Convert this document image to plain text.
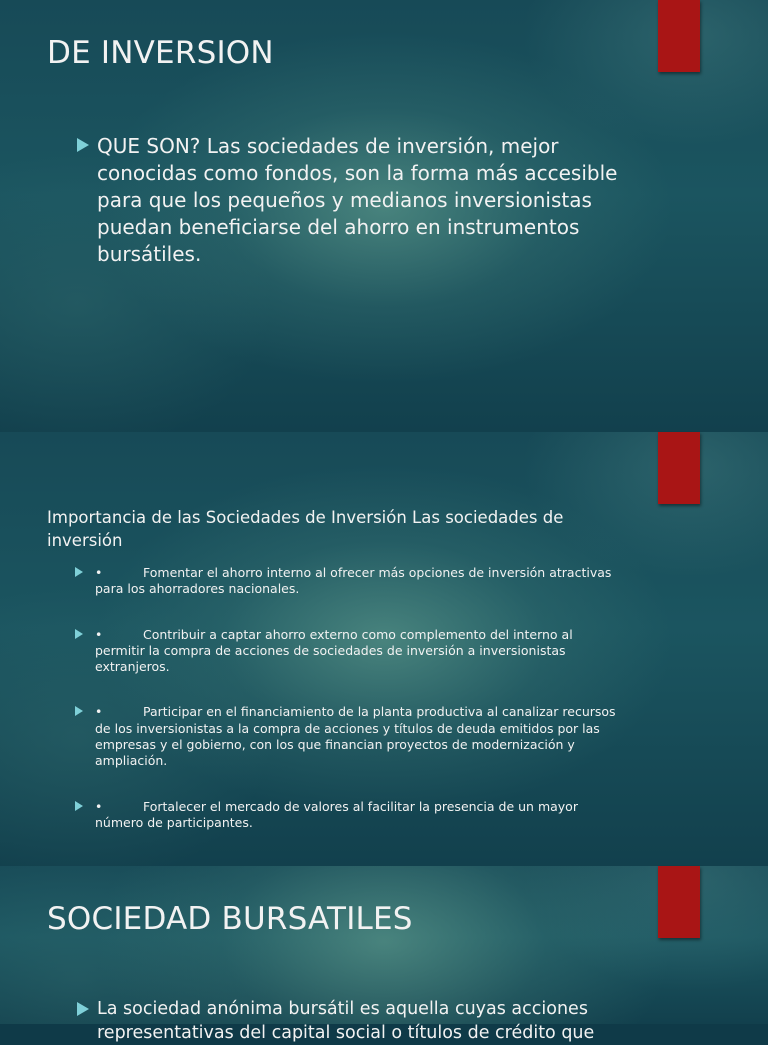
DE INVERSION
QUE SON? Las sociedades de inversión, mejor conocidas como fondos, son la forma más accesible para que los pequeños y medianos inversionistas puedan beneficiarse del ahorro en instrumentos bursátiles.

Importancia de las Sociedades de Inversión Las sociedades de inversión

•	Fomentar el ahorro interno al ofrecer más opciones de inversión atractivas para los ahorradores nacionales.
•	Contribuir a captar ahorro externo como complemento del interno al permitir la compra de acciones de sociedades de inversión a inversionistas extranjeros.
•	Participar en el financiamiento de la planta productiva al canalizar recursos de los inversionistas a la compra de acciones y títulos de deuda emitidos por las empresas y el gobierno, con los que financian proyectos de modernización y ampliación.
•	Fortalecer el mercado de valores al facilitar la presencia de un mayor número de participantes.
SOCIEDAD BURSATILES
La sociedad anónima bursátil es aquella cuyas acciones representativas del capital social o títulos de crédito que
